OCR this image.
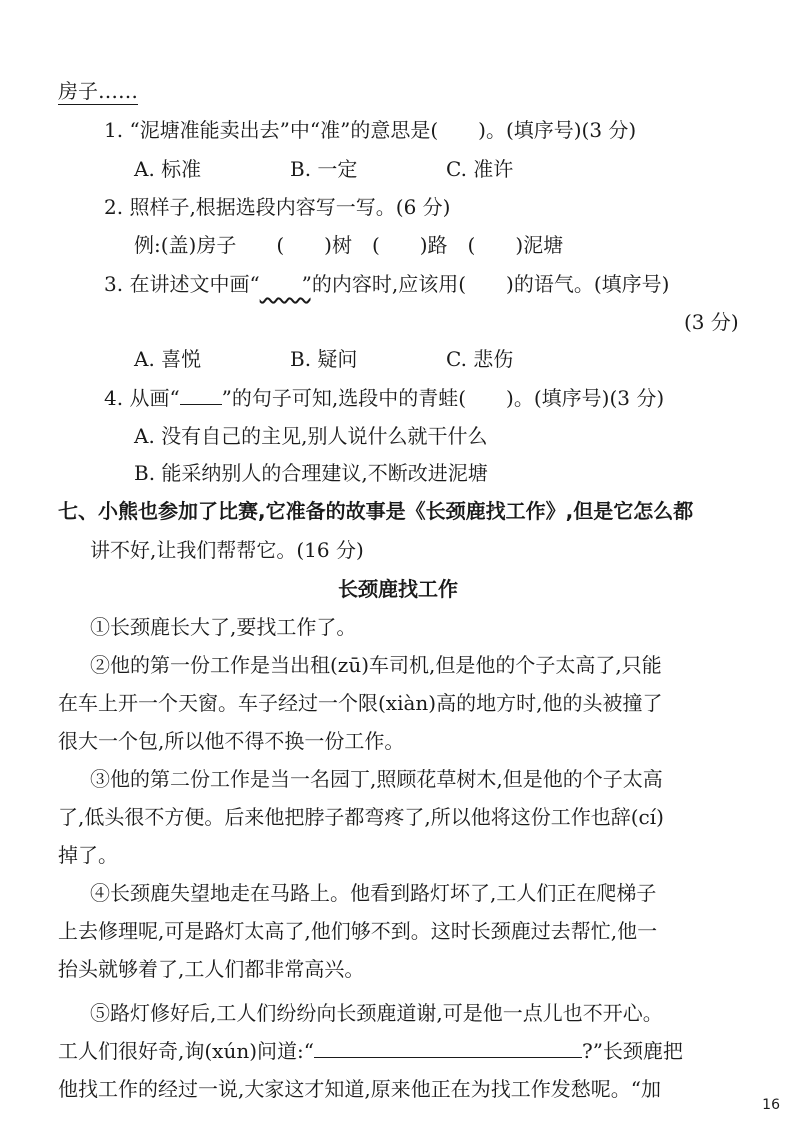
房子……
1. “泥塘准能卖出去”中“准”的意思是(　　)。(填序号)(3 分)
A. 标准	B. 一定	C. 准许
2. 照样子,根据选段内容写一写。(6 分)
例:(盖)房子　　(　　)树　(　　)路　(　　)泥塘
3. 在讲述文中画“ ”的内容时,应该用(　　)的语气。(填序号)
(3 分)
A. 喜悦	B. 疑问	C. 悲伤
4. 从画“ ”的句子可知,选段中的青蛙(　　)。(填序号)(3 分)
A. 没有自己的主见,别人说什么就干什么
B. 能采纳别人的合理建议,不断改进泥塘
七、小熊也参加了比赛,它准备的故事是《长颈鹿找工作》,但是它怎么都
讲不好,让我们帮帮它。(16 分)
长颈鹿找工作
①长颈鹿长大了,要找工作了。
②他的第一份工作是当出租(zū)车司机,但是他的个子太高了,只能
在车上开一个天窗。车子经过一个限(xiàn)高的地方时,他的头被撞了
很大一个包,所以他不得不换一份工作。
③他的第二份工作是当一名园丁,照顾花草树木,但是他的个子太高
了,低头很不方便。后来他把脖子都弯疼了,所以他将这份工作也辞(cí)
掉了。
④长颈鹿失望地走在马路上。他看到路灯坏了,工人们正在爬梯子
上去修理呢,可是路灯太高了,他们够不到。这时长颈鹿过去帮忙,他一
抬头就够着了,工人们都非常高兴。
⑤路灯修好后,工人们纷纷向长颈鹿道谢,可是他一点儿也不开心。
工人们很好奇,询(xún)问道:“	?”长颈鹿把
他找工作的经过一说,大家这才知道,原来他正在为找工作发愁呢。“加
16
